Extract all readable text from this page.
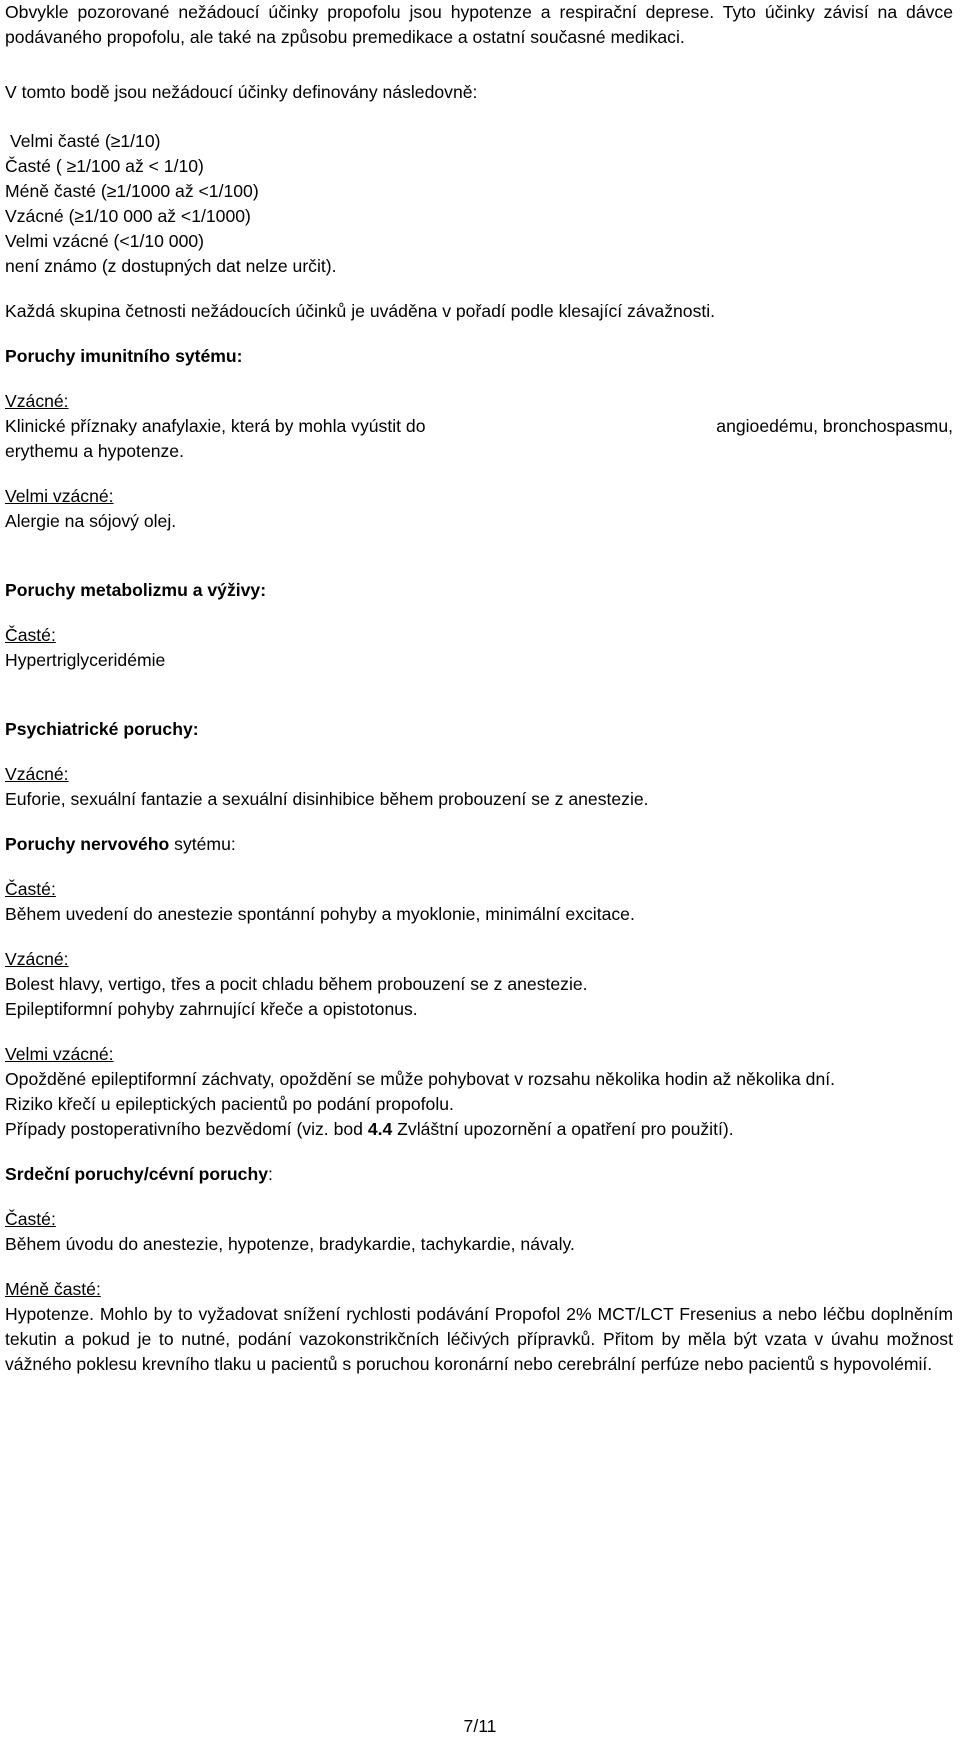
Obvykle pozorované nežádoucí účinky propofolu jsou hypotenze a respirační deprese. Tyto účinky závisí na dávce podávaného propofolu, ale také na způsobu premedikace a ostatní současné medikaci.

V tomto bodě jsou nežádoucí účinky definovány následovně:

Velmi časté (≥1/10)
Časté ( ≥1/100 až < 1/10)
Méně časté (≥1/1000 až <1/100)
Vzácné (≥1/10 000 až <1/1000)
Velmi vzácné (<1/10 000)
není známo (z dostupných dat nelze určit).

Každá skupina četnosti nežádoucích účinků je uváděna v pořadí podle klesající závažnosti.

Poruchy imunitního sytému:

Vzácné:

Klinické příznaky anafylaxie, která by mohla vyústit do	angioedému, bronchospasmu,

erythemu a hypotenze.

Velmi vzácné:

Alergie na sójový olej.

Poruchy metabolizmu a výživy:

Časté:

Hypertriglyceridémie

Psychiatrické poruchy:

Vzácné:

Euforie, sexuální fantazie a sexuální disinhibice během probouzení se z anestezie.

Poruchy nervového sytému:

Časté:

Během uvedení do anestezie spontánní pohyby a myoklonie, minimální excitace.

Vzácné:

Bolest hlavy, vertigo, třes a pocit chladu během probouzení se z anestezie.

Epileptiformní pohyby zahrnující křeče a opistotonus.

Velmi vzácné:

Opožděné epileptiformní záchvaty, opoždění se může pohybovat v rozsahu několika hodin až několika dní.

Riziko křečí u epileptických pacientů po podání propofolu.

Případy postoperativního bezvědomí (viz. bod 4.4 Zvláštní upozornění a opatření pro použití).

Srdeční poruchy/cévní poruchy:

Časté:

Během úvodu do anestezie, hypotenze, bradykardie, tachykardie, návaly.

Méně časté:

Hypotenze. Mohlo by to vyžadovat snížení rychlosti podávání Propofol 2% MCT/LCT Fresenius a nebo léčbu doplněním tekutin a pokud je to nutné, podání vazokonstrikčních léčivých přípravků. Přitom by měla být vzata v úvahu možnost vážného poklesu krevního tlaku u pacientů s poruchou koronární nebo cerebrální perfúze nebo pacientů s hypovolémií.

7/11
